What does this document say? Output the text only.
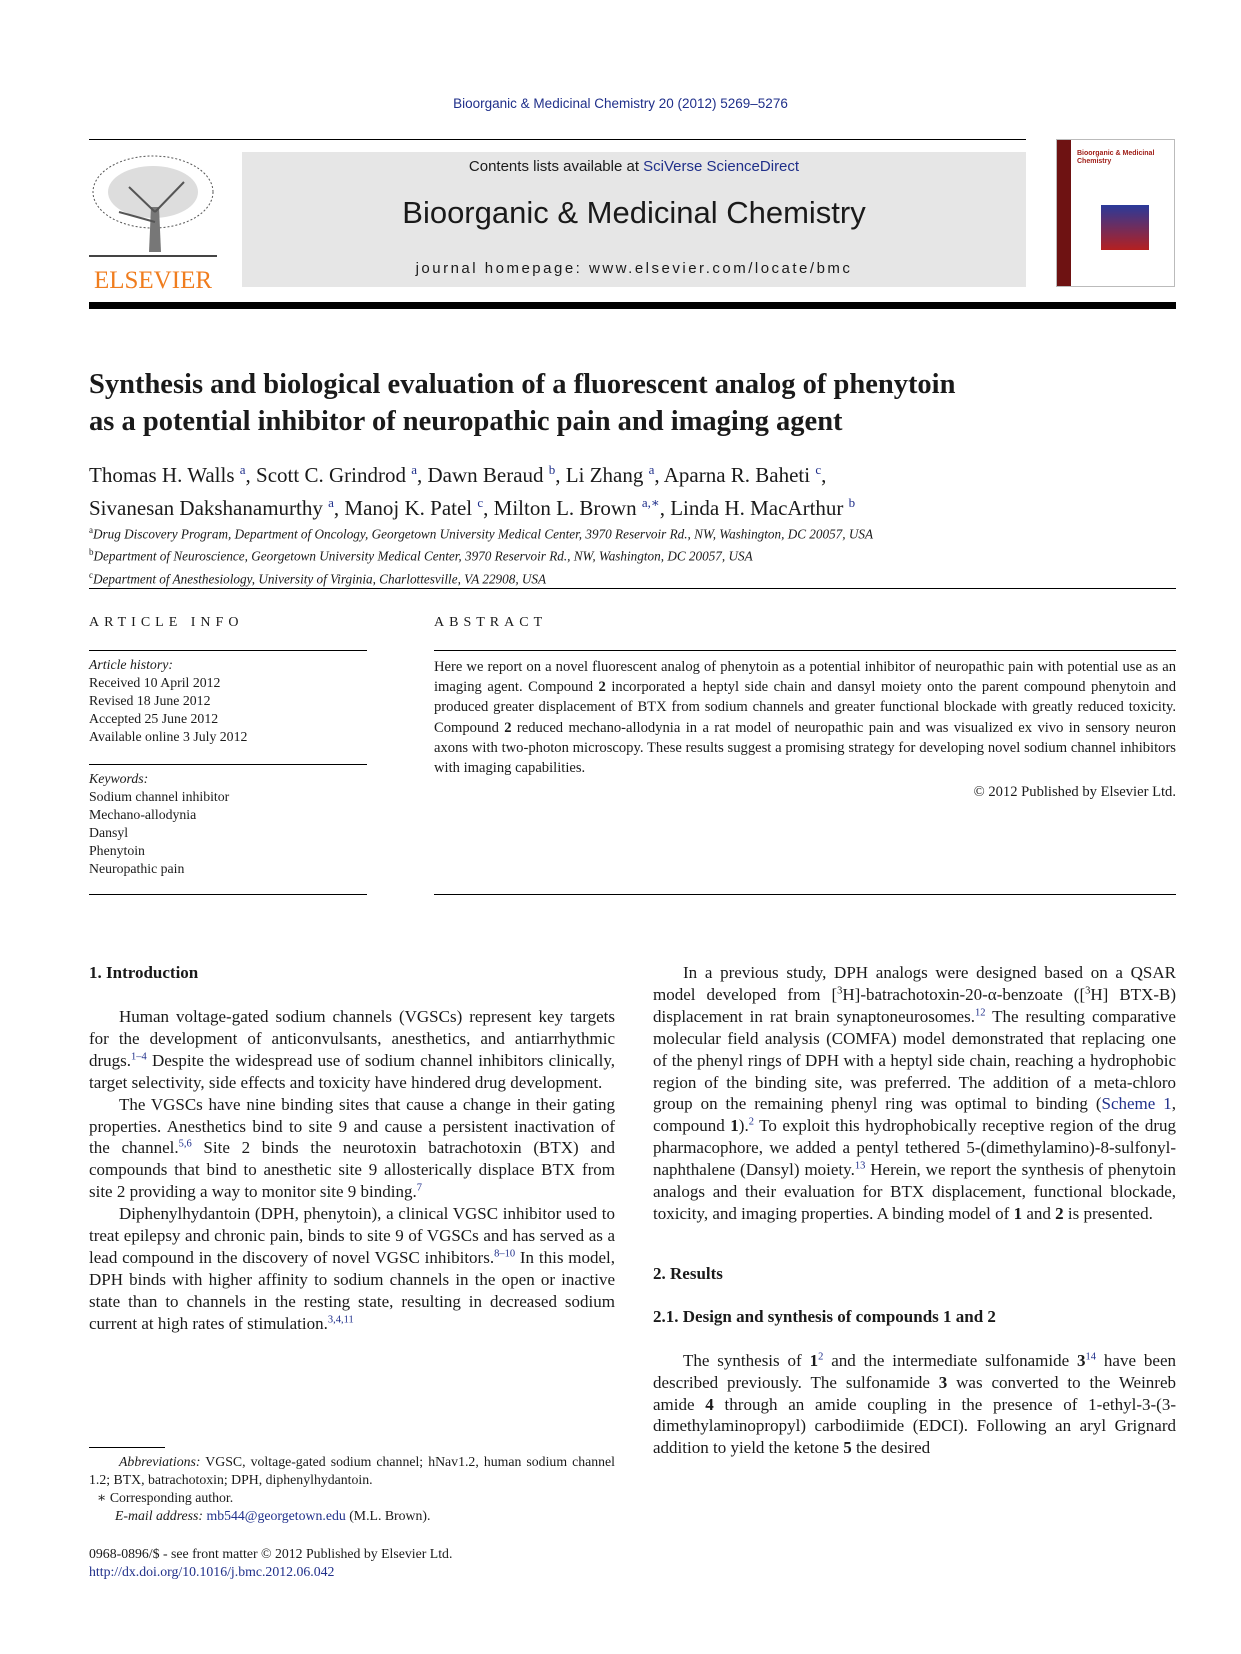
Bioorganic & Medicinal Chemistry 20 (2012) 5269–5276
ELSEVIER
Contents lists available at SciVerse ScienceDirect
Bioorganic & Medicinal Chemistry
journal homepage: www.elsevier.com/locate/bmc
Bioorganic & Medicinal Chemistry
Synthesis and biological evaluation of a fluorescent analog of phenytoin
as a potential inhibitor of neuropathic pain and imaging agent
Thomas H. Walls $^a$, Scott C. Grindrod $^a$, Dawn Beraud $^b$, Li Zhang $^a$, Aparna R. Baheti $^c$,
Sivanesan Dakshanamurthy $^a$, Manoj K. Patel $^c$, Milton L. Brown $^{a,∗}$, Linda H. MacArthur $^b$
$^a$Drug Discovery Program, Department of Oncology, Georgetown University Medical Center, 3970 Reservoir Rd., NW, Washington, DC 20057, USA
$^b$Department of Neuroscience, Georgetown University Medical Center, 3970 Reservoir Rd., NW, Washington, DC 20057, USA
$^c$Department of Anesthesiology, University of Virginia, Charlottesville, VA 22908, USA
ARTICLE INFO
Article history:
Received 10 April 2012
Revised 18 June 2012
Accepted 25 June 2012
Available online 3 July 2012
Keywords:
Sodium channel inhibitor
Mechano-allodynia
Dansyl
Phenytoin
Neuropathic pain
ABSTRACT
Here we report on a novel fluorescent analog of phenytoin as a potential inhibitor of neuropathic pain with potential use as an imaging agent. Compound 2 incorporated a heptyl side chain and dansyl moiety onto the parent compound phenytoin and produced greater displacement of BTX from sodium channels and greater functional blockade with greatly reduced toxicity. Compound 2 reduced mechano-allodynia in a rat model of neuropathic pain and was visualized ex vivo in sensory neuron axons with two-photon microscopy. These results suggest a promising strategy for developing novel sodium channel inhibitors with imaging capabilities.
© 2012 Published by Elsevier Ltd.
1. Introduction

Human voltage-gated sodium channels (VGSCs) represent key targets for the development of anticonvulsants, anesthetics, and antiarrhythmic drugs.$^{1-4}$ Despite the widespread use of sodium channel inhibitors clinically, target selectivity, side effects and toxicity have hindered drug development.

The VGSCs have nine binding sites that cause a change in their gating properties. Anesthetics bind to site 9 and cause a persistent inactivation of the channel.$^{5,6}$ Site 2 binds the neurotoxin batrachotoxin (BTX) and compounds that bind to anesthetic site 9 allosterically displace BTX from site 2 providing a way to monitor site 9 binding.$^7$

Diphenylhydantoin (DPH, phenytoin), a clinical VGSC inhibitor used to treat epilepsy and chronic pain, binds to site 9 of VGSCs and has served as a lead compound in the discovery of novel VGSC inhibitors.$^{8-10}$ In this model, DPH binds with higher affinity to sodium channels in the open or inactive state than to channels in the resting state, resulting in decreased sodium current at high rates of stimulation.$^{3,4,11}$

Abbreviations: VGSC, voltage-gated sodium channel; hNav1.2, human sodium channel 1.2; BTX, batrachotoxin; DPH, diphenylhydantoin.
∗ Corresponding author.
E-mail address: mb544@georgetown.edu (M.L. Brown).
0968-0896/$ - see front matter © 2012 Published by Elsevier Ltd.
http://dx.doi.org/10.1016/j.bmc.2012.06.042

In a previous study, DPH analogs were designed based on a QSAR model developed from [$^3$H]-batrachotoxin-20-α-benzoate ([$^3$H] BTX-B) displacement in rat brain synaptoneurosomes.$^{12}$ The resulting comparative molecular field analysis (COMFA) model demonstrated that replacing one of the phenyl rings of DPH with a heptyl side chain, reaching a hydrophobic region of the binding site, was preferred. The addition of a meta-chloro group on the remaining phenyl ring was optimal to binding (Scheme 1, compound 1).$^2$ To exploit this hydrophobically receptive region of the drug pharmacophore, we added a pentyl tethered 5-(dimethylamino)-8-sulfonyl-naphthalene (Dansyl) moiety.$^{13}$ Herein, we report the synthesis of phenytoin analogs and their evaluation for BTX displacement, functional blockade, toxicity, and imaging properties. A binding model of 1 and 2 is presented.

2. Results
2.1. Design and synthesis of compounds 1 and 2

The synthesis of $1^2$ and the intermediate sulfonamide $3^{14}$ have been described previously. The sulfonamide 3 was converted to the Weinreb amide 4 through an amide coupling in the presence of 1-ethyl-3-(3-dimethylaminopropyl) carbodiimide (EDCI). Following an aryl Grignard addition to yield the ketone 5 the desired
